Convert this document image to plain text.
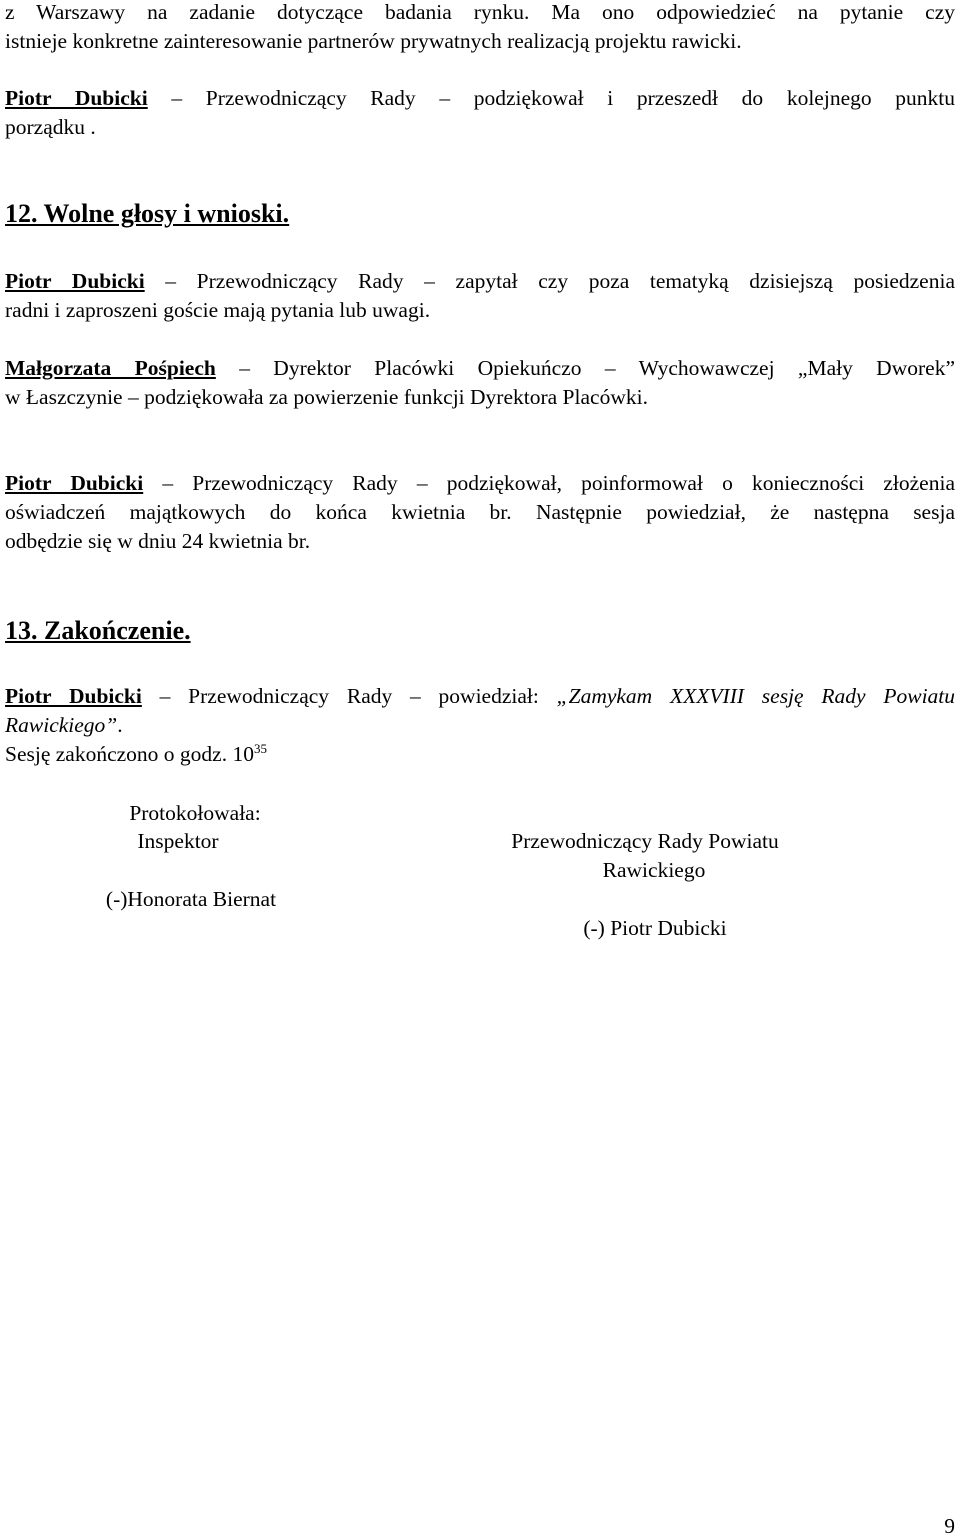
z Warszawy na zadanie dotyczące badania rynku. Ma ono odpowiedzieć na pytanie czy
istnieje konkretne zainteresowanie partnerów prywatnych realizacją projektu rawicki.
Piotr Dubicki – Przewodniczący Rady – podziękował i przeszedł do kolejnego punktu
porządku .
12. Wolne głosy i wnioski.
Piotr Dubicki – Przewodniczący Rady – zapytał czy poza tematyką dzisiejszą posiedzenia
radni i zaproszeni goście mają pytania lub uwagi.
Małgorzata Pośpiech – Dyrektor Placówki Opiekuńczo – Wychowawczej „Mały Dworek”
w Łaszczynie – podziękowała za powierzenie funkcji Dyrektora Placówki.
Piotr Dubicki – Przewodniczący Rady – podziękował, poinformował o konieczności złożenia
oświadczeń majątkowych do końca kwietnia br. Następnie powiedział, że następna sesja
odbędzie się w dniu 24 kwietnia br.
13. Zakończenie.
Piotr Dubicki – Przewodniczący Rady – powiedział: „Zamykam XXXVIII sesję Rady Powiatu
Rawickiego”.
Sesję zakończono o godz. $10^{35}$
Protokołowała:
Inspektor
(-)Honorata Biernat
Przewodniczący Rady Powiatu
Rawickiego
(-) Piotr Dubicki
9
